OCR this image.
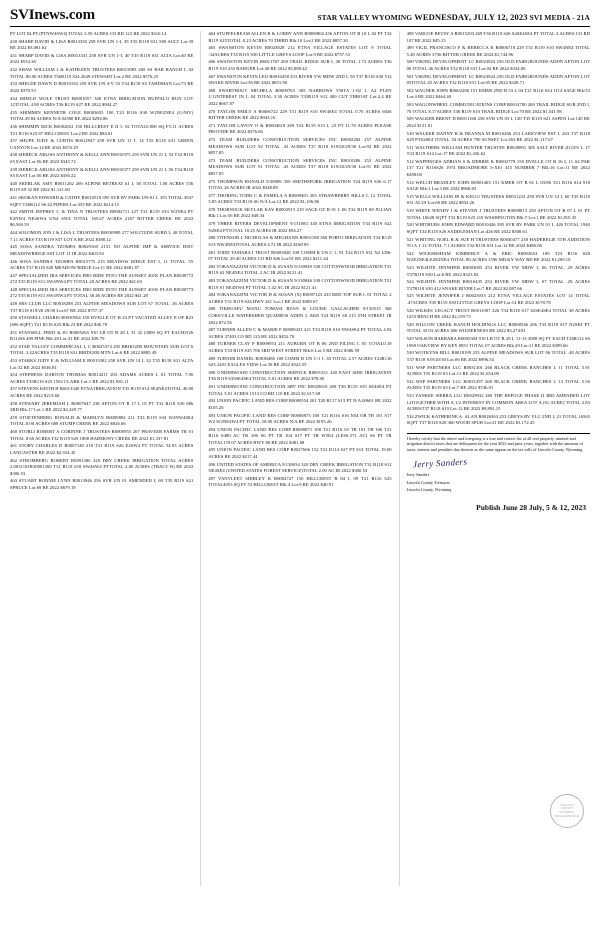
SVInews.com	STAR VALLEY WYOMING WEDNESDAY, JULY 12, 2023 SVI MEDIA - 21A

PT LOT 04 PT (PTNW4SW4) TOTAL 3.50 ACRES CO RD 123 RE 2022 $316.14

430 SHARP DAVID & LISA R0013330 258 SVR UN 1-I, 39 T35 R118 S31 580 AULT Lot:39 RE 2022 $3,081.62

431 SHARP DAVID & LISA R0013331 258 SVR UN 1-I, 40 T35 R118 S31 ALTA Lot:40 RE 2022 $534.36

432 SHAW WILLIAM J & KATHLEEN TRUSTEES R0015083 269 SS BAR RANCH I, 02 TOTAL 80.00 ACRES T36R119 S24 2649 STEWART Lot:2 RE 2022 $576.25

433 SHELDE DAWN D R0010192 259 SVR UN 4-V 33 T34 R118 S5 TAHDMAN Lot:73 RE 2022 $370.53

434 SHIELD WOLF TRUST R0001057 340 ETNA IRRIGATION BUFFALO RUN LOT 12TOTAL 4.98 ACRES T36 R119 S27 RE 2022 $944.27

435 SHIMMIN KENNETH COLE R0003655 100 T23 R116 S30 W2NE2NE4 (G-NIV) TOTAL39.84 ACRES N/A 02580 RE 2022 $294.86

436 SHIMMIN RICK R0002652 150 HILLCREST E II 1, 02 TOTAL0.000 SQ FT,11 ACRES T21 R116 S25 87 HILLCREST Lot:2 RE 2022 $84.01

437 SHUPE JUDY & CURTIS R0012947 258 SVR UN 11 I, 14 T35 R118 S31 GREEN CANYON Lot:14 RE 2022 $553.29

438 SIEBECK ARLISS ANTHONY & KELLI ANN R0010375 259 SVR UN 21 I, 54 T34 R118 S5 EAST Lot:56 RE 2022 $345.72

439 SIEBECK ARLISS ANTHONY & KELLI ANN R0010377 259 SVR UN 21 I, 56 T34 R118 S5 EAST Lot:56 RE 2022 $356.22

440 SKERLAK AMY R0011262 269 ALPINE RETREAT #1 I, 38 TOTAL 1.00 ACRES T36 R119 S9 32 RE 2022 $1,121.60

441 SKOKAN EDWARD & CATHY R0010510 395 SVR RV PARK UN-01 I, 355 TOTAL 3947 SQFT T26R112 S6 42 PIPERS Lot:355 RE 2022 $214.15

442 SMITH JEFFREY C & TINA N TRUSTEES R0002711 227 T31 R119 S33 W2NE4 PT E2NW4 NE4SW4 UN4 SW4 TOTAL 165.67 ACRES 2167 BITTER CREEK RE 2022 $6,560.59

444 SOLOMON JON J & LISA L TRUSTEES R0030989 277 SOLITUDE SUBD I, 40 TOTAL 7.11 ACRES T33 R119 S37 LOT A RE 2022 $388.12

445 SOSA SANDRA TZOMPA R0029160 2131 NO ALPINE IMP & SERVICE DIST MEADOWRIDGE SST LOT 11 IR 2022 $403.94

446 SOSA SANDRA TZOMPA R0015775 213 MEADOW RIDGE EST I, 11 TOTAL .55 ACRES T37 R118 S20 MEADOW RIDGE Lot:11 RE 2022 $481.87

447 SPECIALIZED IRA SERVICES FBO RIDE INTO THE SUNSET 401K PLAN R0030772 272 T35 R119 S11 SW4NW4 PT TOTAL 20 ACRES RE 2022 $41.63

448 SPECIALIZED IRA SERVICES FBO RIDE INTO THE SUNSET 401K PLAN R0030773 272 T35 R119 S11 SW4NW4 PT TOTAL 38.46 ACRES RE 2022 $41.28

449 SRS CLUB LLC R0018288 253 ALPINE MEADOWS SUB LOT 67 TOTAL .36 ACRES T37 R118 S19/20 29/30 Lot:67 RE 2022 $757.37

450 STANSELL CHARIS R0030564 150 DVELLE OT B 23 PT VACATED ALLEY E OF B23 (606 SQFT) T21 R116 S25 Blk:23 RE 2022 $46.78

451 STANSELL FRED & JO R0005265 910 LB OT B 28 I, 31 32 (3000 SQ FT EACH)T26 R112S6 489 PINE Blk:28 Lot:31 RE 2022 $38.79

452 STAR VALLEY COMMERCIAL I, C R0025374 205 BRIKGER MOUNTAIN SUB LOT 6 TOTAL 3.42ACRES T35 R118 S31 BRIDGER MTN Lot:6 RE 2022 $885.49

453 STARKS JUDY E & WILLIAM E R0013382 258 SVR UN 14 I, 32 T35 R118 S31 ALTA Lot:32 RE 2022 $546.81

454 STEPHENS DARTON THOMAS R0014211 203 ADAMS ACRES I, 01 TOTAL 7.00 ACRES T35R119 S25 1502 CLARK Lot:1 RE 2022 $1,981.11

457 STEVENS KEITH H R0013340 ETNA IRRIGATION T35 R119 S14 SE4NE4TOTAL 40.00 ACRES RE 2022 $213.60

458 STEWART JEREMIAH L R0007647 238 AFTON OT B 17 L 01 PT T32 R118 S30 686 3RD Blk:17 Lot:1 RE 2022 $2,229.77

459 STOETENBERG RONALD & MARILYN R0009802 211 T33 R119 S34 W2NW4SE4 TOTAL 8.00 ACRES 688 STUMP CREEK RE 2022 $826.66

460 STORLI ROBERT A CORINNE J TRUSTEES R0000955 207 PRAVEER FARMS TR 01 TOTAL 8.60 ACRES T32 R119 S29 1808 HARMONY CREEK RE 2022 $1,337.81

461 STORY CHARLES D R0007140 218 T31 R119 S26 E2SW4 PT TOTAL 54.93 ACRES LANCASTER RE 2022 $2,354.45

462 STROMBERG ROBERT R0091386 320 DRY CREEK IRRIGATION TOTAL ACRES 2.0031181R30001300 T31 R118 S18 SW4SW4 PTTOTAL 2.00 ACRES (TRACT B) RE 2022 $306.53

463 STUART BONNIE LYNN R0013946 256 SVR UN 01 AMENDED I, 69 T35 R119 S21 SPRUCE Lot:69 RE 2022 $679.19

464 STUFFELBEAM ALLEN R & LORRY ANN R0000804 256 AFTON OT B 10 I, 02 PT T32 R119 S25TOTAL 0.23 ACRES 70 THIRD Blk:10 Lot:2 RE 2022 $857.30

465 SWANSTON KEVIN R0023828 212 ETNA VILLAGE ESTATES LOT 9 TOTAL .34ACRES T35 R119 S30 LITTLE GREYS LOOP Lot:9 RE 2022 $757.53

466 SWANSTON KEVIN R0011767 269 TRAIL RIDGE SUB I, 40 TOTAL 1.73 ACRES T36 R119 S10 233 BADGER Lot:40 RE 2022 $5,889.42

467 SWANSTON KEVIN LEO R0016458 253 RIVER VW MDW 2ND I, 56 T37 R118 S30 512 SNAKE RIVER Lot:56 RE 2022 $651.90

468 SWARTHOUT MICHELA R0009763 305 NARROWS VISTA 1-02 I, A2 PLEN 1/12NTEREST IN L 04 TOTAL 3.30 ACRES T33R119 S12 400 CUT THROAT Lot:2,4 RE 2022 $667.87

470 TAYLOR EMILY A R0006722 229 T31 R119 S10 SW4SE4 TOTAL 0.70 ACRES 6026 BITTER CREEK RE 2022 $943.16

471 TAYLOR LAVOY O & R0004618 269 T24 R119 S13 I, 23 PT 11.70 ACRES PLEASE PROVIDE RE 2022 $376.06

472 TEAM BUILDERS CONSTRUCTION SERVICES INC R0002282 257 ALPINE MEADOWS SUB LOT 92 TOTAL .43 ACRES T37 R118 S19/20/29/30 Lot:92 RE 2022 $857.05

473 TEAM BUILDERS CONSTRUCTION SERVICES INC R0010286 253 ALPINE MEADOWS SUB LOT 91 TOTAL .43 ACRES T37 R118 S19/20/29/30 Lot:91 RE 2022 $857.05

475 THOMPSON RONALD 9/30009 350 SMITHSFORK IRRIGATION T24 R119 S36 6.17 TOTAL 26 ACRES IR 2022 $348.89

477 THORING TODD C & PAMELA A R0009401 205 STRAWBERRY HILLS I, 12 TOTAL 5.85 ACRES T33 R118 S6 N/A Lot:12 RE 2022 $1,106.86

478 THORNOCK SKYLAR KAY R0002915 219 SAGE OT B 01 L 06 T32 R119 S8 JULIAN Blk:1 Lot:56 RE 2022 $48.34

479 THREE RIVERS DEVELOPMENT 9/131083 340 ETNA IRRIGATION T34 R119 S22 N2SE4 PTTOTAL 10.25 ACRES IR 2022 $94.27

480 TITENSOR I. NICHOLAS & MEGHANN R0091180 360 PORTO IRRIGATION T34 R119 S13 NW4NE4TOTAL ACRES 4.72 IR 2022 $168.09

481 TODD TAMARA I TRUST R0003828 100 COMM R UN C 1, 91 T24 R115 S31 N2 LD6-07 TOTAL 39.40 ACRES CO RD 306 Lot:91 RE 2022 $211.44

482 TOKANAZZINI VICTOR D & SUSAN 9/130849 330 COTTONWOOD IRRIGATION T31 R119 S2 NE4NE4 TOTAL 2 AC IR 2022 $121.41

483 TOKANAZZINI VICTOR D & SUSAN 9/130846 330 COTTONWOOD IRRIGATION T31 R119 S1 NE4NW4 PT TOTAL 1.42 AC IR 2022 $121.41

484 TOKANAZZINI VICTOR D & SUSAN (X) R0007123 233 RED TOP SUB I, 01 TOTAL 2 ACRES T31 R119 S24 HWY 241 Lot:1 RE 2022 $380.67

486 TIKRUAFU MANU TOMASI RYAN & LOUISE GALLAGHER 9/130515 360 COKEVILLE WATERSHED QUADROS ADDN I, 0405 T24 R119 S8 215 5TH STREET IR 2022 $72.56

487 TURNER ALLEN C & MARIE F R0009433 221 T33 R118 S10 NW4SE4 PT TOTAL 4.94 ACRES 37403 CO RD 123 RE 2022 $452.70

488 TURNER CLAY P R0009953 211 AUBURN OT B 06 2ND FILING I, 05 TOTAL0.18 ACRES T33 R119 S35 706 3RD WEST STREET Blk:6 Lot:5 RE 2022 $386.59

489 TURNER DANIEL R0030486 100 COMM R UN C-1 I, 30 TOTAL 2.57 ACRES T24R116 S23 2281 EAGLES VIEW Lot:30 RE 2022 $522.55

490 UNDERWOOD CONSTRUCTION SERVICE R0091351 340 EAST SIDE IRRIGATION T36 R119 S35SE4SE4 TOTAL 5.01 ACRES RE 2022 $78.00

491 UNDERWOOD CONSTRUCTION SRV INC R0020618 269 T36 R119 S35 SE4SE4 PT TOTAL 5.01 ACRES 1513 CO RD 110 RE 2022 $1,617.68

492 UNION PACIFIC LAND RES CORP R0000554 201 T20 R117 S13 PT N/A 00601 RE 2022 $105.26

493 UNION PACIFIC LAND RES CORP R0000873 100 T21 R116 S16 N54 OR TR 101 S17 W2 W2NE4W4 PT TOTAL 58.00 ACRES N/A RE 2022 $195.26

494 UNION PACIFIC LAND RES CORP R0000871 100 T21 R116 S5 TR 101 TR 106 T21 R116 S480 AC TR 106 S6 PT TR 104 S17 PT TR W5E4 (LESS.571 AC) S6 PT TR TOTAL170.07 ACRES HWY 80 RE 2022 $481.68

495 UNION PACIFIC LAND RES CORP R0027666 152 T21 R114 S27 PT S14 TOTAL 19.00 ACRES RE 2022 $217.44

496 UNITED STATES OF AMERICA 9/130034 320 DRY CREEK IRRIGATION T31 R118 S12 NE4SE4 (UNITED STATES FOREST SERVICE)TOTAL 2.00 AC IR 2022 $300.53

497 VANVLEET SHIRLEY K R0002727 150 HILLCREST B 04 I, 09 T21 R116 S25 TOTAL4053 SQ FT 53 HILLCREST Blk:4 Lot:9 RE 2022 $40.91

498 VARCOE BETSY A R0015293 269 T36 R119 S26 S2SE4SE4 PT TOTAL 5.ACRES CO RD 107 RE 2022 $45.15

499 VIGIL FRANCISCO F & REBECCA K R0006718 229 T31 R119 S10 SW4NE4 TOTAL 5.40 ACRES 3736 BITTER CREEK RE 2022 $1,744.96

500 VIKING DEVELOPMENT LC R0023823 250 OLD FAIRGROUNDS ADDN AFTON LOT 06 TOTAL.46 ACRES T32 R118 S31 Lot:04 RE 2022 $334.00

501 VIKING DEVELOPMENT LC R0023824 250 OLD FAIRGROUNDS ADDN AFTON LOT 05TOTAL.45 ACRES T32 R118 S31 Lot:05 RE 2022 $328.71

502 WAGNER JOHN R0002286 151 KMER 2ND B 53 L 04 T21 R116 S24 1114 SAGE Blk:53 Lot:4 RE 2022 $464.40

503 WAGONWHEEL COMMUNICATIONS CORP R0014700 269 TRAIL RIDGE SUB 2ND I, 70 TOTAL 8.17ACRES T36 R119 S10 TRAIL RIDGE Lot:70 RE 2022 $1,541.98

509 WALKER BRENT D R0011168 258 SVR UN 03 I, 120 T35 R119 S21 ASPEN Lot:120 RE 2022 $121.01

510 WALKER DANNY R & DEANNA M R0016266 253 LAKEVIEW EST I, 263 T37 R118 S29 PTS2SE4 TOTAL .54 ACRES 790 SUNSET Lot:263 RE 2022 $1,117.67

511 WALTHERS WILLIAM HUNTER TRUSTEE R0028891 385 SALT RIVER (IG)TS I, 17 T33 R119 S14 Lot:17 RE 2022 $1,436.62

512 WAPPINGES ADRIAN S & DEBBIE K R0002779 150 DVELLE OT B 16 L 11 S2 PAR 137 T21 R116S26 1974 BROADMORE I+X61 415 NUMBER 7 Blk:16 Lot:11 RE 2022 $288.00

514 WELCH BRADLEY JOHN R0001463 151 KMER OT B 01 L 03/86 T21 R116 S14 918 SAGE Blk:1 Lot:3 RE 2022 $968.83

515 WELLS WILLIAM JR & KELCI TRUSTEES R0031233 258 SVR UN 14 I, 60 T35 R118 S31 ALTA Lot:60 RE 2022 $833.26

519 WHITE WENDY I & STEVEN J TRUSTEES R0009813 250 AFTON OT B 07 L 01 PT TOTAL 16628 SQFT T32 R119 S25 210 WASHINGTON Blk:7 Lot:1 RE 2022 $1,810.35

520 WHITHURS JOHN EDWARD R0010426 395 SVR RV PARK UN 01 I, 426 TOTAL 1940 SQFT T34 R118 S26 SADDLEMAN Lot:426 RE 2022 $308.61

521 WHITING NOEL R & SUE H TRUSTEES R0030477 250 HADERELIE 5TH ADDITION TO A 1-12 TOTAL 7.1 ACRES T32 R118 S31 Lot:12 RE 2022 $486.06

522 WICKERSHAM KIMBERLY A & ERIC R0003654 100 T23 R116 S28 W2E2NE4LE2E2NE4 TOTAL 80.ACRES 1596 MILKY WAY RD RE 2022 $1,269.10

523 WILHITE JENNIFER R0003005 253 RIVER VW MDW I, 06 TOTAL .29 ACRES T37R119 S30 Lot:6 RE 2022 $323.82

524 WILHITE JENNIFER R0016435 253 RIVER VW MDW I, 07 TOTAL .29 ACRES T37R118 S30 412 SNAKE RIVER Lot:7 RE 2022 $2,087.66

525 WILHITE JENNIFER I R0023033 212 ETNA VILLAGE ESTATES LOT 14 TOTAL .47ACRES T35 R119 S30 LITTLE GREYS LOOP Lot:14 RE 2022 $178.78

526 WILKES LEGACY TRUST R0011007 226 T34 R118 S17 S2SE4SE4 TOTAL 30 ACRES 1253 BENCH RE 2022 $2,159.75

528 WILLOW CREEK RANCH HOLDINGS LLC R0008546 206 T33 R118 S17 N2SE4 PT TOTAL 35.03 ACRES 406 WILDERNESS RE 2022 $3,274.81

529 WILSON BARBARA R0005304 910 LB OT B 29 I, 11-13 3000 SQ FT EACH T26R112 S6 1969 OAKVIEW BY KEY 0851 TOTAL 07 ACRES Blk:29 Lot:11 RE 2022 $389.66

530 WOTKYNS BILL R0018199 253 ALPINE MEADOWS SUB LOT 06 TOTAL .48 ACRES T37 R118 S19/20/30 Lot:06 RE 2022 $996.54

531 WSP PARTNERS LLC R0031301 260 BLACK CREEK RANCHES I, 11 TOTAL 5.91 ACRES T35 R119 S3 Lot:11 RE 2022 $1,654.09

532 WSP PARTNERS LLC R0031297 260 BLACK CREEK RANCHES I, 13 TOTAL 5.56 ACRES T35 R119 S3 Lot:7 RE 2022 $746.91

533 YANKEE SIERRA LLC R0029932 269 THE REFUGE PHASE II 3RD AMENDED LOT 12TOGETHER WITH A 1/2 INTEREST IN COMMON AREA LOT A (01 ACRE) TOTAL 2.83 ACREST37 R118 S19 Lot:12 RE 2022 $9,892.15

534 ZWICK KATHERINE A: ALAN R0026363 253 GREYS RV VLG 2ND I, 21 TOTAL 16565 SQFT T37 R118 S20 360 WOOD SPUR Lot:21 RE 2022 $3,172.45

I hereby certify that the above and foregoing is a true and correct list of all real property, mineral and irrigation district taxes that are delinquent for the year 2022 and prior years, together with the amounts of taxes, interest and penalties due thereon as the same appear on the tax rolls of Lincoln County, Wyoming.
Jerry Sanders

Jerry Sanders

Lincoln County Treasurer

Lincoln County, Wyoming

LINCOLN COUNTY WYOMING TREASURER SEAL
Publish June 28 July, 5 & 12, 2023
